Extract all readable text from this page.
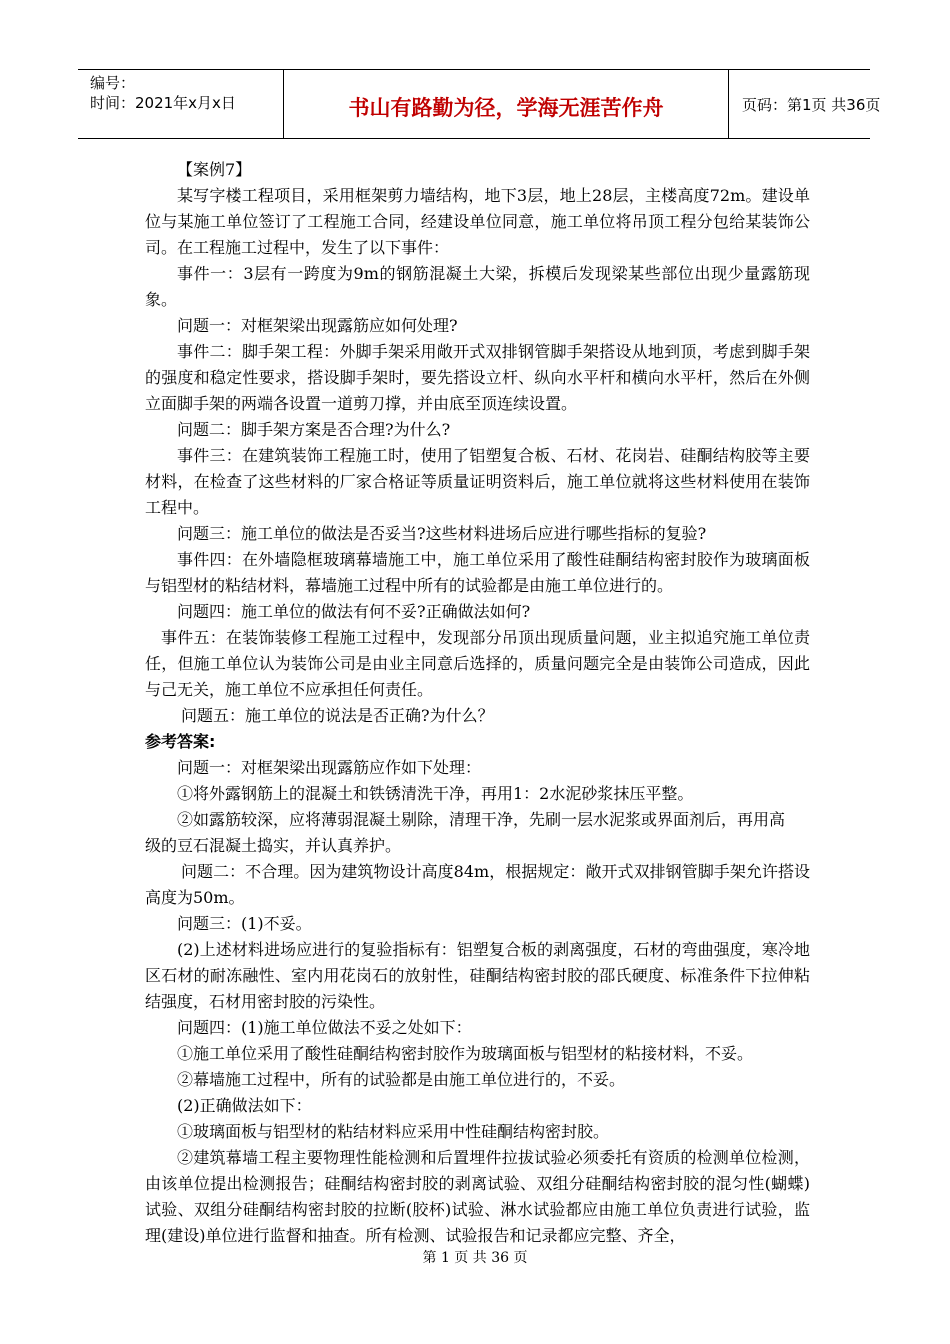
编号：
时间：2021年x月x日	书山有路勤为径，学海无涯苦作舟	页码：第1页 共36页

【案例7】

某写字楼工程项目，采用框架剪力墙结构，地下3层，地上28层，主楼高度72m。建设单位与某施工单位签订了工程施工合同，经建设单位同意，施工单位将吊顶工程分包给某装饰公司。在工程施工过程中，发生了以下事件：

事件一：3层有一跨度为9m的钢筋混凝土大梁，拆模后发现梁某些部位出现少量露筋现象。

问题一：对框架梁出现露筋应如何处理?

事件二：脚手架工程：外脚手架采用敞开式双排钢管脚手架搭设从地到顶，考虑到脚手架的强度和稳定性要求，搭设脚手架时，要先搭设立杆、纵向水平杆和横向水平杆，然后在外侧立面脚手架的两端各设置一道剪刀撑，并由底至顶连续设置。

问题二：脚手架方案是否合理?为什么?

事件三：在建筑装饰工程施工时，使用了铝塑复合板、石材、花岗岩、硅酮结构胶等主要材料，在检查了这些材料的厂家合格证等质量证明资料后，施工单位就将这些材料使用在装饰工程中。

问题三：施工单位的做法是否妥当?这些材料进场后应进行哪些指标的复验?

事件四：在外墙隐框玻璃幕墙施工中，施工单位采用了酸性硅酮结构密封胶作为玻璃面板与铝型材的粘结材料，幕墙施工过程中所有的试验都是由施工单位进行的。

问题四：施工单位的做法有何不妥?正确做法如何?

事件五：在装饰装修工程施工过程中，发现部分吊顶出现质量问题，业主拟追究施工单位责任，但施工单位认为装饰公司是由业主同意后选择的，质量问题完全是由装饰公司造成，因此与己无关，施工单位不应承担任何责任。

问题五：施工单位的说法是否正确?为什么？

参考答案:

问题一：对框架梁出现露筋应作如下处理：

①将外露钢筋上的混凝土和铁锈清洗干净，再用1：2水泥砂浆抹压平整。

②如露筋较深，应将薄弱混凝土剔除，清理干净，先刷一层水泥浆或界面剂后，再用高

级的豆石混凝土捣实，并认真养护。

问题二：不合理。因为建筑物设计高度84m，根据规定：敞开式双排钢管脚手架允许搭设高度为50m。

问题三：(1)不妥。

(2)上述材料进场应进行的复验指标有：铝塑复合板的剥离强度，石材的弯曲强度，寒冷地区石材的耐冻融性、室内用花岗石的放射性，硅酮结构密封胶的邵氏硬度、标准条件下拉伸粘结强度，石材用密封胶的污染性。

问题四：(1)施工单位做法不妥之处如下：

①施工单位采用了酸性硅酮结构密封胶作为玻璃面板与铝型材的粘接材料，不妥。

②幕墙施工过程中，所有的试验都是由施工单位进行的，不妥。

(2)正确做法如下：

①玻璃面板与铝型材的粘结材料应采用中性硅酮结构密封胶。

②建筑幕墙工程主要物理性能检测和后置埋件拉拔试验必须委托有资质的检测单位检测，由该单位提出检测报告；硅酮结构密封胶的剥离试验、双组分硅酮结构密封胶的混匀性(蝴蝶)试验、双组分硅酮结构密封胶的拉断(胶杯)试验、淋水试验都应由施工单位负责进行试验，监理(建设)单位进行监督和抽查。所有检测、试验报告和记录都应完整、齐全，

第 1 页 共 36 页
